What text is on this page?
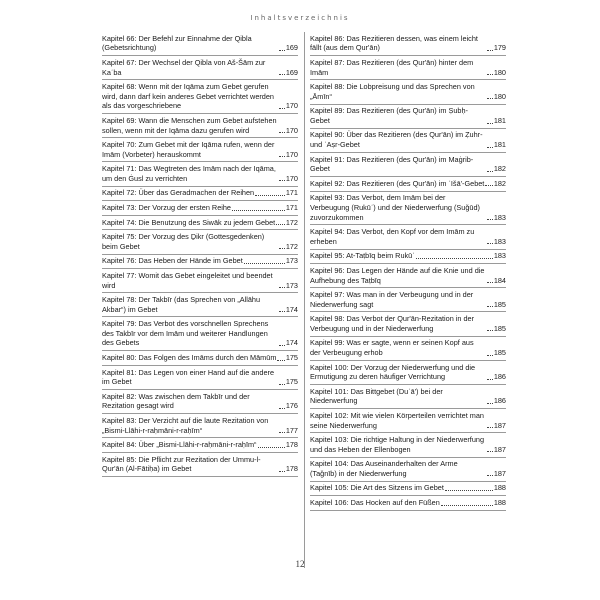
Inhaltsverzeichnis
Kapitel 66: Der Befehl zur Einnahme der Qibla (Gebetsrichtung)	169
Kapitel 67: Der Wechsel der Qibla von Aš-Šām zur Kaʿba	169
Kapitel 68: Wenn mit der Iqāma zum Gebet gerufen wird, dann darf kein anderes Gebet verrichtet werden als das vorgeschriebene	170
Kapitel 69: Wann die Menschen zum Gebet aufstehen sollen, wenn mit der Iqāma dazu gerufen wird	170
Kapitel 70: Zum Gebet mit der Iqāma rufen, wenn der Imām (Vorbeter) herauskommt	170
Kapitel 71: Das Wegtreten des Imām nach der Iqāma, um den Ġusl zu verrichten	170
Kapitel 72: Über das Geradmachen der Reihen	171
Kapitel 73: Der Vorzug der ersten Reihe	171
Kapitel 74: Die Benutzung des Siwāk zu jedem Gebet 172
Kapitel 75: Der Vorzug des Ḏikr (Gottesgedenken) beim Gebet	172
Kapitel 76: Das Heben der Hände im Gebet	173
Kapitel 77: Womit das Gebet eingeleitet und beendet wird	173
Kapitel 78: Der Takbīr (das Sprechen von „Allāhu Akbar“) im Gebet	174
Kapitel 79: Das Verbot des vorschnellen Sprechens des Takbīr vor dem Imām und weiterer Handlungen des Gebets	174
Kapitel 80: Das Folgen des Imāms durch den Māmūm 175
Kapitel 81: Das Legen von einer Hand auf die andere im Gebet	175
Kapitel 82: Was zwischen dem Takbīr und der Rezitation gesagt wird	176
Kapitel 83: Der Verzicht auf die laute Rezitation von „Bismi-Llāhi-r-raḥmāni-r-raḥīm“	177
Kapitel 84: Über „Bismi-Llāhi-r-raḥmāni-r-raḥīm“	178
Kapitel 85: Die Pflicht zur Rezitation der Ummu-l-Qur'ān (Al-Fātiḥa) im Gebet	178
Kapitel 86: Das Rezitieren dessen, was einem leicht fällt (aus dem Qur'ān)	179
Kapitel 87: Das Rezitieren (des Qur'ān) hinter dem Imām	180
Kapitel 88: Die Lobpreisung und das Sprechen von „Āmīn“	180
Kapitel 89: Das Rezitieren (des Qur'ān) im Ṣubḥ-Gebet	181
Kapitel 90: Über das Rezitieren (des Qur'ān) im Ẓuhr- und ʿAṣr-Gebet	181
Kapitel 91: Das Rezitieren (des Qur'ān) im Maġrib-Gebet	182
Kapitel 92: Das Rezitieren (des Qur'ān) im ʿIšā'-Gebet 182
Kapitel 93: Das Verbot, dem Imām bei der Verbeugung (Rukūʿ) und der Niederwerfung (Suǧūd) zuvorzukommen	183
Kapitel 94: Das Verbot, den Kopf vor dem Imām zu erheben	183
Kapitel 95: At-Taṭbīq beim Rukūʿ	183
Kapitel 96: Das Legen der Hände auf die Knie und die Aufhebung des Taṭbīq	184
Kapitel 97: Was man in der Verbeugung und in der Niederwerfung sagt	185
Kapitel 98: Das Verbot der Qur'ān-Rezitation in der Verbeugung und in der Niederwerfung	185
Kapitel 99: Was er sagte, wenn er seinen Kopf aus der Verbeugung erhob	185
Kapitel 100: Der Vorzug der Niederwerfung und die Ermutigung zu deren häufiger Verrichtung	186
Kapitel 101: Das Bittgebet (Duʿā') bei der Niederwerfung	186
Kapitel 102: Mit wie vielen Körperteilen verrichtet man seine Niederwerfung	187
Kapitel 103: Die richtige Haltung in der Niederwerfung und das Heben der Ellenbogen	187
Kapitel 104: Das Auseinanderhalten der Arme (Taǧnīb) in der Niederwerfung	187
Kapitel 105: Die Art des Sitzens im Gebet	188
Kapitel 106: Das Hocken auf den Füßen	188
12
